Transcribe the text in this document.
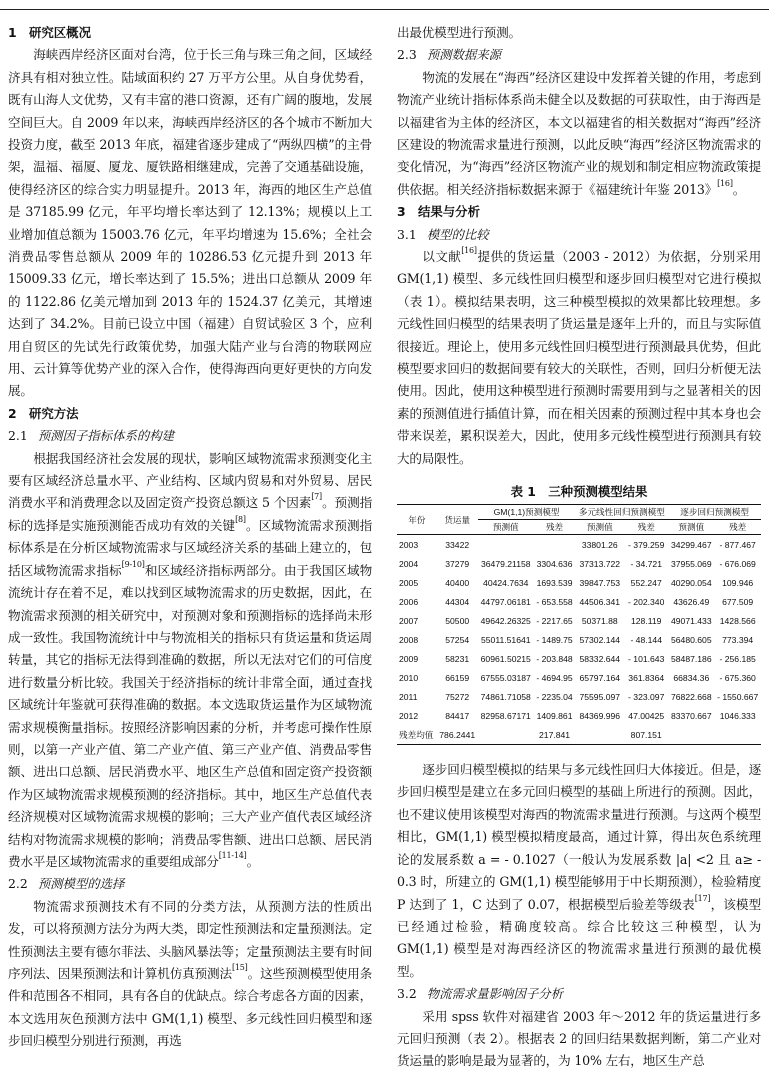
1　研究区概况

海峡西岸经济区面对台湾，位于长三角与珠三角之间，区域经济具有相对独立性。陆域面积约 27 万平方公里。从自身优势看，既有山海人文优势，又有丰富的港口资源，还有广阔的腹地，发展空间巨大。自 2009 年以来，海峡西岸经济区的各个城市不断加大投资力度，截至 2013 年底，福建省逐步建成了“两纵四横”的主骨架，温福、福厦、厦龙、厦铁路相继建成，完善了交通基础设施，使得经济区的综合实力明显提升。2013 年，海西的地区生产总值是 37185.99 亿元，年平均增长率达到了 12.13%；规模以上工业增加值总额为 15003.76 亿元，年平均增速为 15.6%；全社会消费品零售总额从 2009 年的 10286.53 亿元提升到 2013 年 15009.33 亿元，增长率达到了 15.5%；进出口总额从 2009 年的 1122.86 亿美元增加到 2013 年的 1524.37 亿美元，其增速达到了 34.2%。目前已设立中国（福建）自贸试验区 3 个，应利用自贸区的先试先行政策优势，加强大陆产业与台湾的物联网应用、云计算等优势产业的深入合作，使得海西向更好更快的方向发展。

2　研究方法
2.1 预测因子指标体系的构建

根据我国经济社会发展的现状，影响区域物流需求预测变化主要有区域经济总量水平、产业结构、区域内贸易和对外贸易、居民消费水平和消费理念以及固定资产投资总额这 5 个因素[7]。预测指标的选择是实施预测能否成功有效的关键[8]。区域物流需求预测指标体系是在分析区域物流需求与区域经济关系的基础上建立的，包括区域物流需求指标[9-10]和区域经济指标两部分。由于我国区域物流统计存在着不足，难以找到区域物流需求的历史数据，因此，在物流需求预测的相关研究中，对预测对象和预测指标的选择尚未形成一致性。我国物流统计中与物流相关的指标只有货运量和货运周转量，其它的指标无法得到准确的数据，所以无法对它们的可信度进行数量分析比较。我国关于经济指标的统计非常全面，通过查找区域统计年鉴就可获得准确的数据。本文选取货运量作为区域物流需求规模衡量指标。按照经济影响因素的分析，并考虑可操作性原则，以第一产业产值、第二产业产值、第三产业产值、消费品零售额、进出口总额、居民消费水平、地区生产总值和固定资产投资额作为区域物流需求规模预测的经济指标。其中，地区生产总值代表经济规模对区域物流需求规模的影响；三大产业产值代表区域经济结构对物流需求规模的影响；消费品零售额、进出口总额、居民消费水平是区域物流需求的重要组成部分[11-14]。

2.2 预测模型的选择

物流需求预测技术有不同的分类方法，从预测方法的性质出发，可以将预测方法分为两大类，即定性预测法和定量预测法。定性预测法主要有德尔菲法、头脑风暴法等；定量预测法主要有时间序列法、因果预测法和计算机仿真预测法[15]。这些预测模型使用条件和范围各不相同，具有各自的优缺点。综合考虑各方面的因素，本文选用灰色预测方法中 GM(1,1) 模型、多元线性回归模型和逐步回归模型分别进行预测，再选

出最优模型进行预测。

2.3 预测数据来源

物流的发展在“海西”经济区建设中发挥着关键的作用，考虑到物流产业统计指标体系尚未健全以及数据的可获取性，由于海西是以福建省为主体的经济区，本文以福建省的相关数据对“海西”经济区建设的物流需求量进行预测，以此反映“海西”经济区物流需求的变化情况，为“海西”经济区物流产业的规划和制定相应物流政策提供依据。相关经济指标数据来源于《福建统计年鉴 2013》[16]。

3　结果与分析
3.1 模型的比较

以文献[16]提供的货运量（2003 - 2012）为依据，分别采用 GM(1,1) 模型、多元线性回归模型和逐步回归模型对它进行模拟（表 1）。模拟结果表明，这三种模型模拟的效果都比较理想。多元线性回归模型的结果表明了货运量是逐年上升的，而且与实际值很接近。理论上，使用多元线性回归模型进行预测最具优势，但此模型要求回归的数据间要有较大的关联性，否则，回归分析便无法使用。因此，使用这种模型进行预测时需要用到与之显著相关的因素的预测值进行插值计算，而在相关因素的预测过程中其本身也会带来误差，累积误差大，因此，使用多元线性模型进行预测具有较大的局限性。

表 1　三种预测模型结果
年份	货运量	GM(1,1)预测模型		多元线性回归预测模型		逐步回归预测模型	
		预测值	残差	预测值	残差	预测值	残差
2003	33422			33801.26	- 379.259	34299.467	- 877.467
2004	37279	36479.21158	3304.636	37313.722	- 34.721	37955.069	- 676.069
2005	40400	40424.7634	1693.539	39847.753	552.247	40290.054	109.946
2006	44304	44797.06181	- 653.558	44506.341	- 202.340	43626.49	677.509
2007	50500	49642.26325	- 2217.65	50371.88	128.119	49071.433	1428.566
2008	57254	55011.51641	- 1489.75	57302.144	- 48.144	56480.605	773.394
2009	58231	60961.50215	- 203.848	58332.644	- 101.643	58487.186	- 256.185
2010	66159	67555.03187	- 4694.95	65797.164	361.8364	66834.36	- 675.360
2011	75272	74861.71058	- 2235.04	75595.097	- 323.097	76822.668	- 1550.667
2012	84417	82958.67171	1409.861	84369.996	47.00425	83370.667	1046.333
残差均值	786.2441		217.841		807.151		

逐步回归模型模拟的结果与多元线性回归大体接近。但是，逐步回归模型是建立在多元回归模型的基础上所进行的预测。因此，也不建议使用该模型对海西的物流需求量进行预测。与这两个模型相比，GM(1,1) 模型模拟精度最高，通过计算，得出灰色系统理论的发展系数 a = - 0.1027（一般认为发展系数 |a| <2 且 a≥ - 0.3 时，所建立的 GM(1,1) 模型能够用于中长期预测），检验精度 P 达到了 1，C 达到了 0.07，根据模型后验差等级表[17]，该模型已经通过检验，精确度较高。综合比较这三种模型，认为 GM(1,1) 模型是对海西经济区的物流需求量进行预测的最优模型。

3.2 物流需求量影响因子分析

采用 spss 软件对福建省 2003 年～2012 年的货运量进行多元回归预测（表 2）。根据表 2 的回归结果数据判断，第二产业对货运量的影响是最为显著的，为 10% 左右，地区生产总
